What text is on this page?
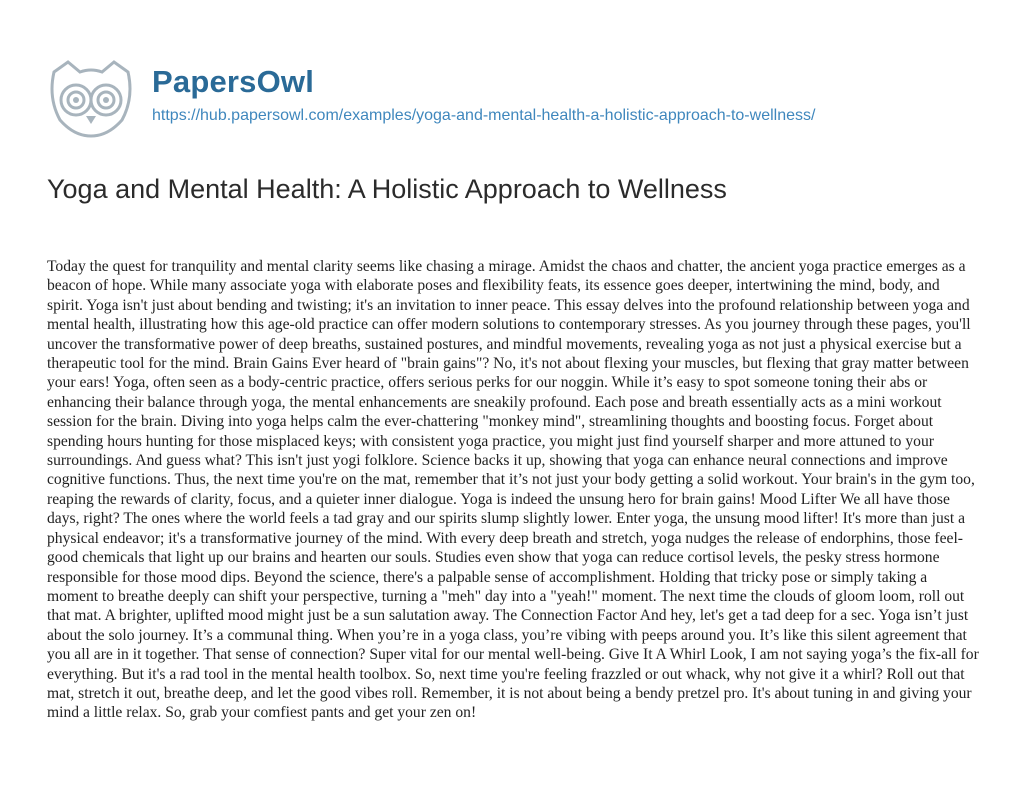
PapersOwl
https://hub.papersowl.com/examples/yoga-and-mental-health-a-holistic-approach-to-wellness/
Yoga and Mental Health: A Holistic Approach to Wellness

Today the quest for tranquility and mental clarity seems like chasing a mirage. Amidst the chaos and chatter, the ancient yoga practice emerges as a beacon of hope. While many associate yoga with elaborate poses and flexibility feats, its essence goes deeper, intertwining the mind, body, and spirit. Yoga isn't just about bending and twisting; it's an invitation to inner peace. This essay delves into the profound relationship between yoga and mental health, illustrating how this age-old practice can offer modern solutions to contemporary stresses. As you journey through these pages, you'll uncover the transformative power of deep breaths, sustained postures, and mindful movements, revealing yoga as not just a physical exercise but a therapeutic tool for the mind. Brain Gains Ever heard of "brain gains"? No, it's not about flexing your muscles, but flexing that gray matter between your ears! Yoga, often seen as a body-centric practice, offers serious perks for our noggin. While it’s easy to spot someone toning their abs or enhancing their balance through yoga, the mental enhancements are sneakily profound. Each pose and breath essentially acts as a mini workout session for the brain. Diving into yoga helps calm the ever-chattering "monkey mind", streamlining thoughts and boosting focus. Forget about spending hours hunting for those misplaced keys; with consistent yoga practice, you might just find yourself sharper and more attuned to your surroundings. And guess what? This isn't just yogi folklore. Science backs it up, showing that yoga can enhance neural connections and improve cognitive functions. Thus, the next time you're on the mat, remember that it’s not just your body getting a solid workout. Your brain's in the gym too, reaping the rewards of clarity, focus, and a quieter inner dialogue. Yoga is indeed the unsung hero for brain gains! Mood Lifter We all have those days, right? The ones where the world feels a tad gray and our spirits slump slightly lower. Enter yoga, the unsung mood lifter! It's more than just a physical endeavor; it's a transformative journey of the mind. With every deep breath and stretch, yoga nudges the release of endorphins, those feel-good chemicals that light up our brains and hearten our souls. Studies even show that yoga can reduce cortisol levels, the pesky stress hormone responsible for those mood dips. Beyond the science, there's a palpable sense of accomplishment. Holding that tricky pose or simply taking a moment to breathe deeply can shift your perspective, turning a "meh" day into a "yeah!" moment. The next time the clouds of gloom loom, roll out that mat. A brighter, uplifted mood might just be a sun salutation away. The Connection Factor And hey, let's get a tad deep for a sec. Yoga isn’t just about the solo journey. It’s a communal thing. When you’re in a yoga class, you’re vibing with peeps around you. It’s like this silent agreement that you all are in it together. That sense of connection? Super vital for our mental well-being. Give It A Whirl Look, I am not saying yoga’s the fix-all for everything. But it's a rad tool in the mental health toolbox. So, next time you're feeling frazzled or out whack, why not give it a whirl? Roll out that mat, stretch it out, breathe deep, and let the good vibes roll. Remember, it is not about being a bendy pretzel pro. It's about tuning in and giving your mind a little relax. So, grab your comfiest pants and get your zen on!
